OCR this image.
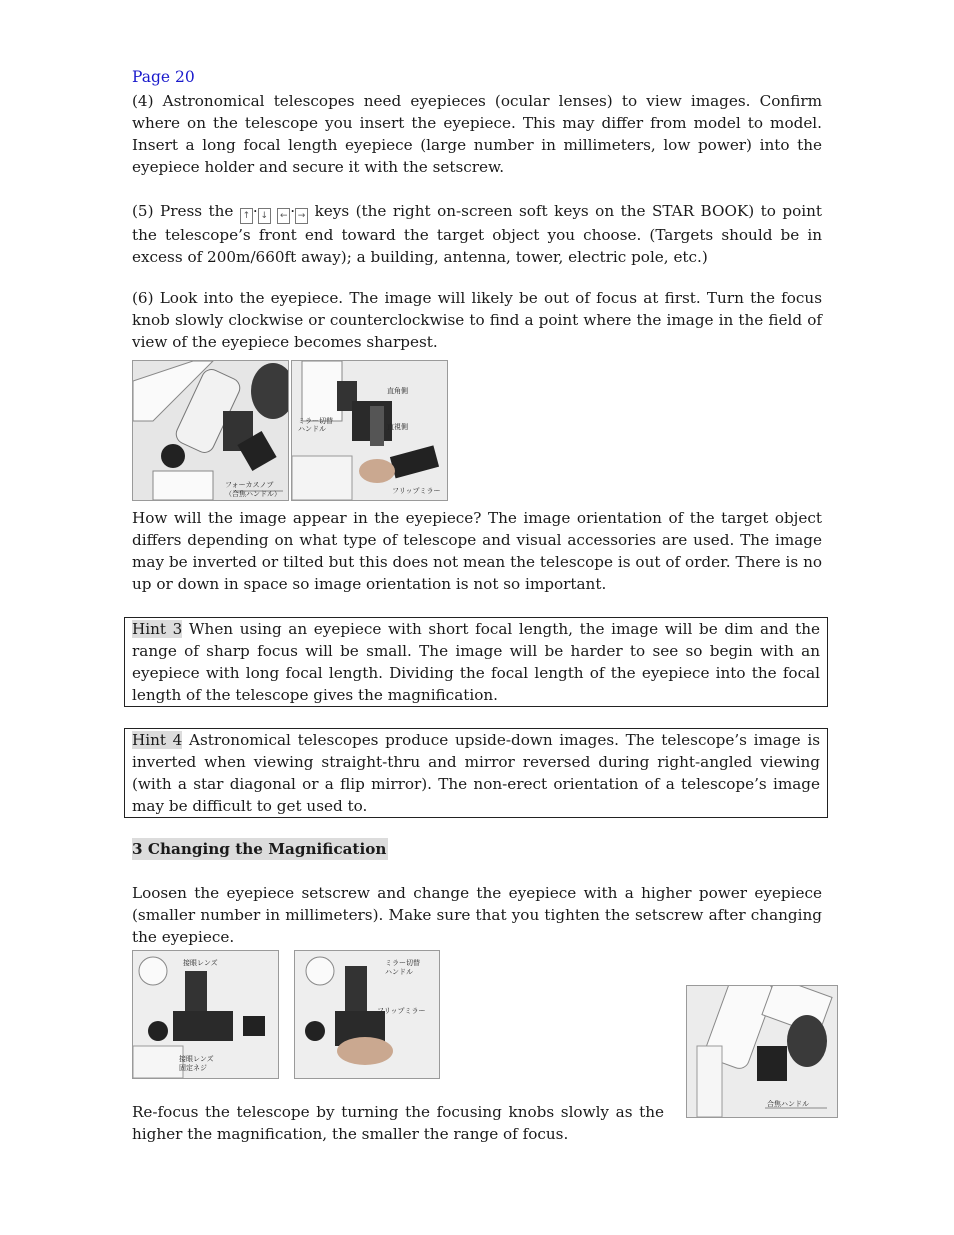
Page 20

(4) Astronomical telescopes need eyepieces (ocular lenses) to view images. Confirm where on the telescope you insert the eyepiece. This may differ from model to model. Insert a long focal length eyepiece (large number in millimeters, low power) into the eyepiece holder and secure it with the setscrew.

(5) Press the ↑ · ↓ ← · → keys (the right on-screen soft keys on the STAR BOOK) to point the telescope’s front end toward the target object you choose. (Targets should be in excess of 200m/660ft away); a building, antenna, tower, electric pole, etc.)

(6) Look into the eyepiece. The image will likely be out of focus at first. Turn the focus knob slowly clockwise or counterclockwise to find a point where the image in the field of view of the eyepiece becomes sharpest.

フォーカスノブ
（合焦ハンドル）
直角側
ミラー切替
ハンドル	直視側
フリップミラー

How will the image appear in the eyepiece? The image orientation of the target object differs depending on what type of telescope and visual accessories are used. The image may be inverted or tilted but this does not mean the telescope is out of order. There is no up or down in space so image orientation is not so important.

Hint 3 When using an eyepiece with short focal length, the image will be dim and the range of sharp focus will be small. The image will be harder to see so begin with an eyepiece with long focal length. Dividing the focal length of the eyepiece into the focal length of the telescope gives the magnification.
Hint 4 Astronomical telescopes produce upside-down images. The telescope’s image is inverted when viewing straight-thru and mirror reversed during right-angled viewing (with a star diagonal or a flip mirror). The non-erect orientation of a telescope’s image may be difficult to get used to.
3 Changing the Magnification

Loosen the eyepiece setscrew and change the eyepiece with a higher power eyepiece (smaller number in millimeters). Make sure that you tighten the setscrew after changing the eyepiece.

接眼レンズ
接眼レンズ
固定ネジ
ミラー切替
ハンドル
フリップミラー
合焦ハンドル

Re-focus the telescope by turning the focusing knobs slowly as the higher the magnification, the smaller the range of focus.
